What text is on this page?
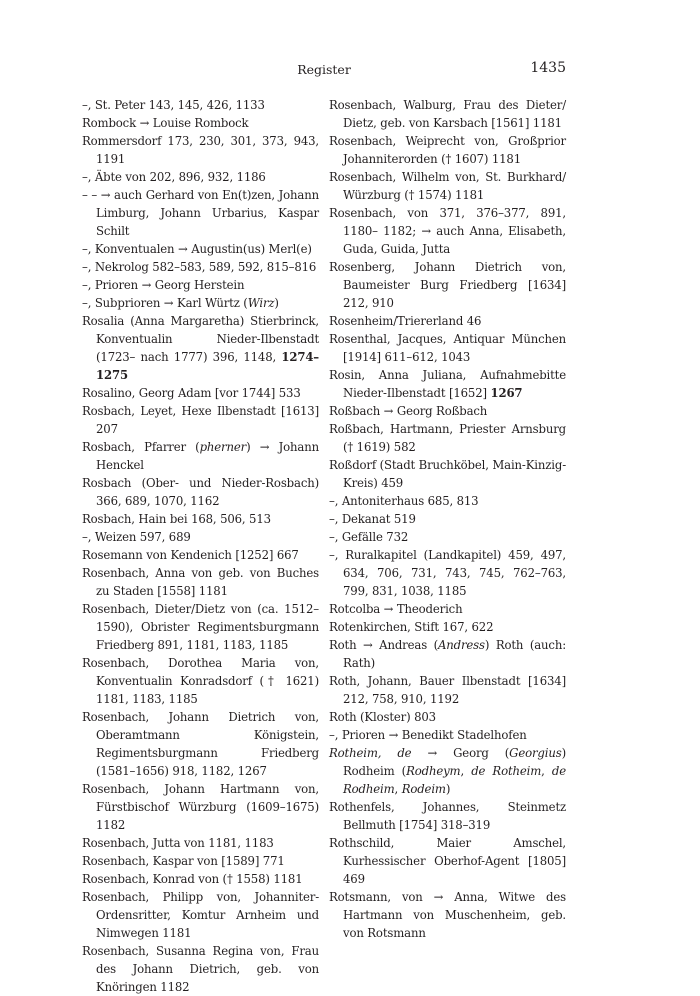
Register	1435
–, St. Peter 143, 145, 426, 1133
Rombock → Louise Rombock
Rommersdorf 173, 230, 301, 373, 943, 1191
–, Äbte von 202, 896, 932, 1186
– – → auch Gerhard von En(t)zen, Johann Limburg, Johann Urbarius, Kaspar Schilt
–, Konventualen → Augustin(us) Merl(e)
–, Nekrolog 582–583, 589, 592, 815–816
–, Prioren → Georg Herstein
–, Subprioren → Karl Würtz (Wirz)
Rosalia (Anna Margaretha) Stierbrinck, Konventualin Nieder-Ilbenstadt (1723– nach 1777) 396, 1148, 1274–1275
Rosalino, Georg Adam [vor 1744] 533
Rosbach, Leyet, Hexe Ilbenstadt [1613] 207
Rosbach, Pfarrer (pherner) → Johann Henckel
Rosbach (Ober- und Nieder-Rosbach) 366, 689, 1070, 1162
Rosbach, Hain bei 168, 506, 513
–, Weizen 597, 689
Rosemann von Kendenich [1252] 667
Rosenbach, Anna von geb. von Buches zu Staden [1558] 1181
Rosenbach, Dieter/Dietz von (ca. 1512– 1590), Obrister Regimentsburgmann Friedberg 891, 1181, 1183, 1185
Rosenbach, Dorothea Maria von, Konventualin Konradsdorf († 1621) 1181, 1183, 1185
Rosenbach, Johann Dietrich von, Oberamtmann Königstein, Regimentsburgmann Friedberg (1581–1656) 918, 1182, 1267
Rosenbach, Johann Hartmann von, Fürstbischof Würzburg (1609–1675) 1182
Rosenbach, Jutta von 1181, 1183
Rosenbach, Kaspar von [1589] 771
Rosenbach, Konrad von († 1558) 1181
Rosenbach, Philipp von, Johanniter-Ordensritter, Komtur Arnheim und Nimwegen 1181
Rosenbach, Susanna Regina von, Frau des Johann Dietrich, geb. von Knöringen 1182
Rosenbach, Walburg, Frau des Dieter/ Dietz, geb. von Karsbach [1561] 1181
Rosenbach, Weiprecht von, Großprior Johanniterorden († 1607) 1181
Rosenbach, Wilhelm von, St. Burkhard/ Würzburg († 1574) 1181
Rosenbach, von 371, 376–377, 891, 1180– 1182; → auch Anna, Elisabeth, Guda, Guida, Jutta
Rosenberg, Johann Dietrich von, Baumeister Burg Friedberg [1634] 212, 910
Rosenheim/Triererland 46
Rosenthal, Jacques, Antiquar München [1914] 611–612, 1043
Rosin, Anna Juliana, Aufnahmebitte Nieder-Ilbenstadt [1652] 1267
Roßbach → Georg Roßbach
Roßbach, Hartmann, Priester Arnsburg († 1619) 582
Roßdorf (Stadt Bruchköbel, Main-Kinzig-Kreis) 459
–, Antoniterhaus 685, 813
–, Dekanat 519
–, Gefälle 732
–, Ruralkapitel (Landkapitel) 459, 497, 634, 706, 731, 743, 745, 762–763, 799, 831, 1038, 1185
Rotcolba → Theoderich
Rotenkirchen, Stift 167, 622
Roth → Andreas (Andress) Roth (auch: Rath)
Roth, Johann, Bauer Ilbenstadt [1634] 212, 758, 910, 1192
Roth (Kloster) 803
–, Prioren → Benedikt Stadelhofen
Rotheim, de → Georg (Georgius) Rodheim (Rodheym, de Rotheim, de Rodheim, Rodeim)
Rothenfels, Johannes, Steinmetz Bellmuth [1754] 318–319
Rothschild, Maier Amschel, Kurhessischer Oberhof-Agent [1805] 469
Rotsmann, von → Anna, Witwe des Hartmann von Muschenheim, geb. von Rotsmann
